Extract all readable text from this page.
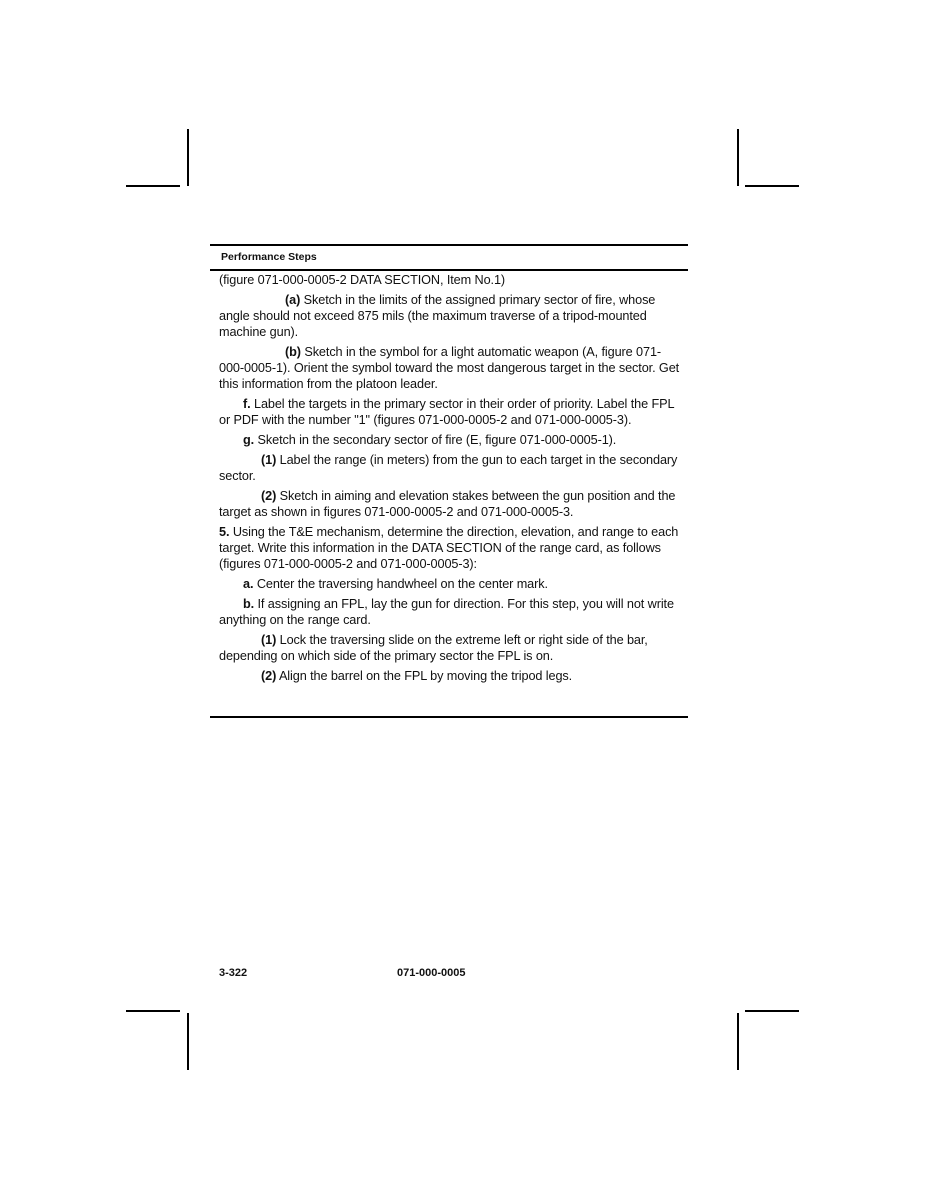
Performance Steps

(figure 071-000-0005-2 DATA SECTION, Item No.1)

(a) Sketch in the limits of the assigned primary sector of fire, whose angle should not exceed 875 mils (the maximum traverse of a tripod-mounted machine gun).

(b) Sketch in the symbol for a light automatic weapon (A, figure 071-000-0005-1). Orient the symbol toward the most dangerous target in the sector. Get this information from the platoon leader.

f. Label the targets in the primary sector in their order of priority. Label the FPL or PDF with the number "1" (figures 071-000-0005-2 and 071-000-0005-3).

g. Sketch in the secondary sector of fire (E, figure 071-000-0005-1).

(1) Label the range (in meters) from the gun to each target in the secondary sector.

(2) Sketch in aiming and elevation stakes between the gun position and the target as shown in figures 071-000-0005-2 and 071-000-0005-3.

5. Using the T&E mechanism, determine the direction, elevation, and range to each target. Write this information in the DATA SECTION of the range card, as follows (figures 071-000-0005-2 and 071-000-0005-3):

a. Center the traversing handwheel on the center mark.

b. If assigning an FPL, lay the gun for direction. For this step, you will not write anything on the range card.

(1) Lock the traversing slide on the extreme left or right side of the bar, depending on which side of the primary sector the FPL is on.

(2) Align the barrel on the FPL by moving the tripod legs.

3-322	071-000-0005
